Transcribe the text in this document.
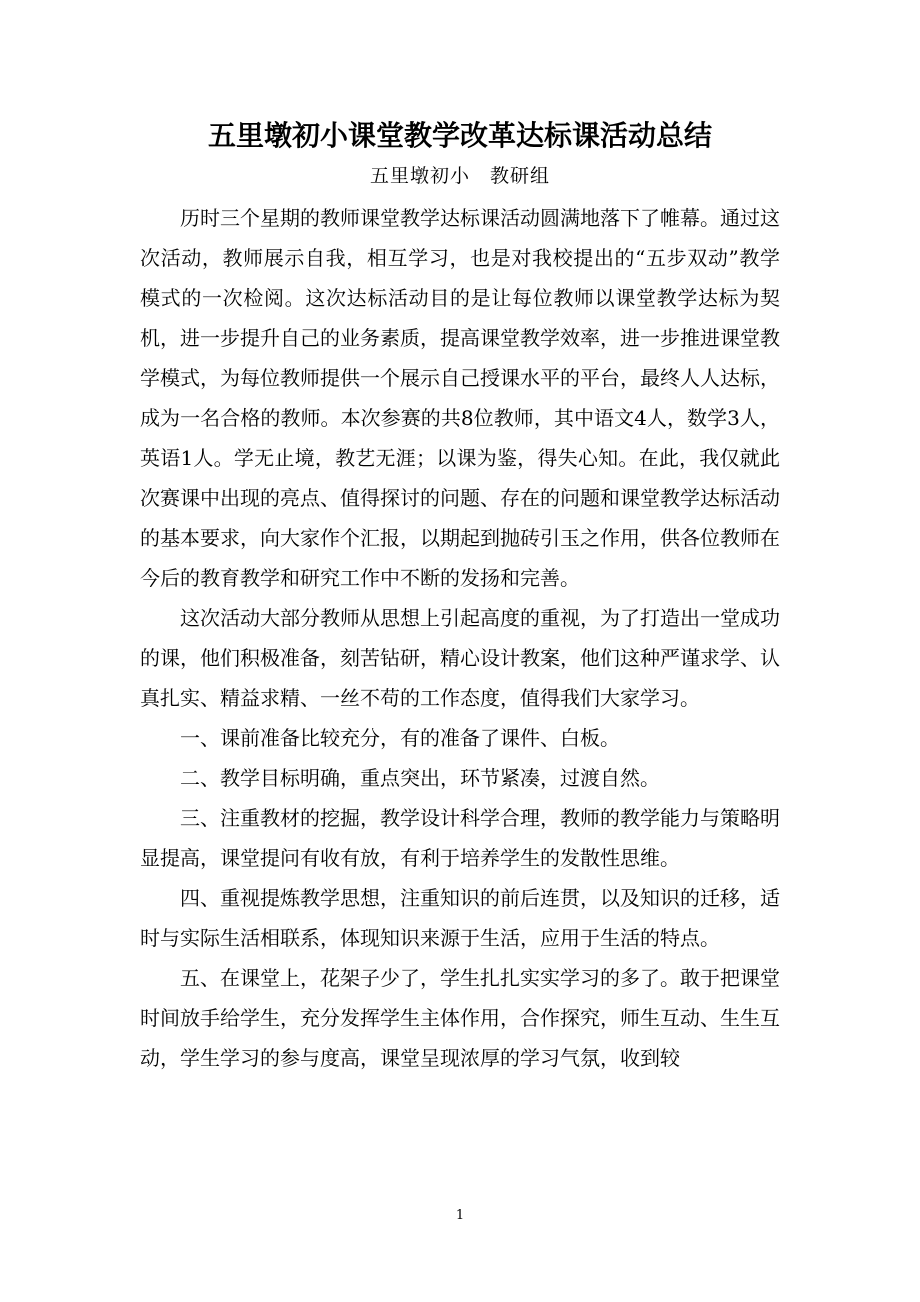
五里墩初小课堂教学改革达标课活动总结
五里墩初小　教研组

历时三个星期的教师课堂教学达标课活动圆满地落下了帷幕。通过这次活动，教师展示自我，相互学习，也是对我校提出的“五步双动”教学模式的一次检阅。这次达标活动目的是让每位教师以课堂教学达标为契机，进一步提升自己的业务素质，提高课堂教学效率，进一步推进课堂教学模式，为每位教师提供一个展示自己授课水平的平台，最终人人达标，成为一名合格的教师。本次参赛的共8位教师，其中语文4人，数学3人，英语1人。学无止境，教艺无涯；以课为鉴，得失心知。在此，我仅就此次赛课中出现的亮点、值得探讨的问题、存在的问题和课堂教学达标活动的基本要求，向大家作个汇报，以期起到抛砖引玉之作用，供各位教师在今后的教育教学和研究工作中不断的发扬和完善。

这次活动大部分教师从思想上引起高度的重视，为了打造出一堂成功的课，他们积极准备，刻苦钻研，精心设计教案，他们这种严谨求学、认真扎实、精益求精、一丝不苟的工作态度，值得我们大家学习。

一、课前准备比较充分，有的准备了课件、白板。

二、教学目标明确，重点突出，环节紧凑，过渡自然。

三、注重教材的挖掘，教学设计科学合理，教师的教学能力与策略明显提高，课堂提问有收有放，有利于培养学生的发散性思维。

四、重视提炼教学思想，注重知识的前后连贯，以及知识的迁移，适时与实际生活相联系，体现知识来源于生活，应用于生活的特点。

五、在课堂上，花架子少了，学生扎扎实实学习的多了。敢于把课堂时间放手给学生，充分发挥学生主体作用，合作探究，师生互动、生生互动，学生学习的参与度高，课堂呈现浓厚的学习气氛，收到较

1
